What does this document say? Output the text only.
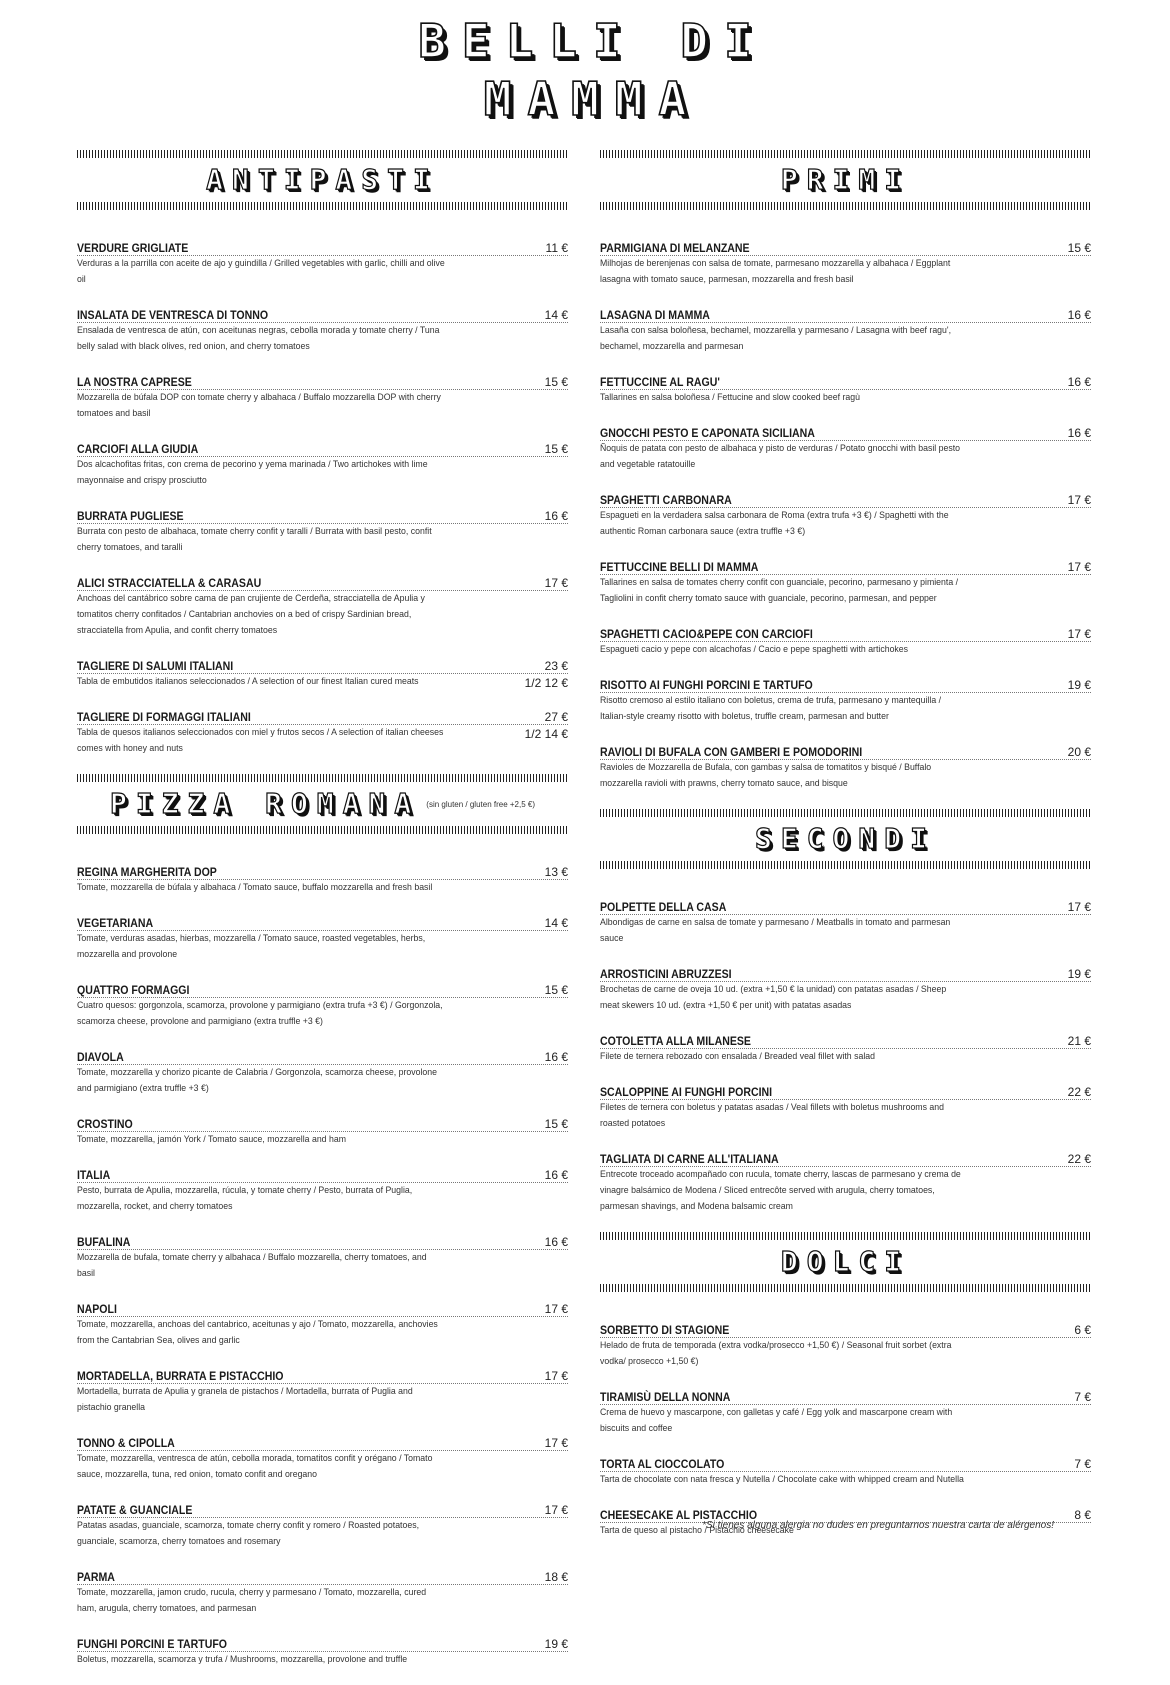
BELLI DI
MAMMA
ANTIPASTI
VERDURE GRIGLIATE	11 €
Verduras a la parrilla con aceite de ajo y guindilla / Grilled vegetables with garlic, chilli and olive oil
INSALATA DE VENTRESCA DI TONNO	14 €
Ensalada de ventresca de atún, con aceitunas negras, cebolla morada y tomate cherry / Tuna belly salad with black olives, red onion, and cherry tomatoes
LA NOSTRA CAPRESE	15 €
Mozzarella de búfala DOP con tomate cherry y albahaca / Buffalo mozzarella DOP with cherry tomatoes and basil
CARCIOFI ALLA GIUDIA	15 €
Dos alcachofitas fritas, con crema de pecorino y yema marinada / Two artichokes with lime mayonnaise and crispy prosciutto
BURRATA PUGLIESE	16 €
Burrata con pesto de albahaca, tomate cherry confit y taralli / Burrata with basil pesto, confit cherry tomatoes, and taralli
ALICI STRACCIATELLA & CARASAU	17 €
Anchoas del cantábrico sobre cama de pan crujiente de Cerdeña, stracciatella de Apulia y tomatitos cherry confitados / Cantabrian anchovies on a bed of crispy Sardinian bread, stracciatella from Apulia, and confit cherry tomatoes
TAGLIERE DI SALUMI ITALIANI	23 €
Tabla de embutidos italianos seleccionados / A selection of our finest Italian cured meats	1/2 12 €
TAGLIERE DI FORMAGGI ITALIANI	27 €
Tabla de quesos italianos seleccionados con miel y frutos secos / A selection of italian cheeses comes with honey and nuts
1/2 14 €
PIZZA ROMANA (sin gluten / gluten free +2,5 €)
REGINA MARGHERITA DOP	13 €
Tomate, mozzarella de búfala y albahaca / Tomato sauce, buffalo mozzarella and fresh basil
VEGETARIANA	14 €
Tomate, verduras asadas, hierbas, mozzarella / Tomato sauce, roasted vegetables, herbs, mozzarella and provolone
QUATTRO FORMAGGI	15 €
Cuatro quesos: gorgonzola, scamorza, provolone y parmigiano (extra trufa +3 €) / Gorgonzola, scamorza cheese, provolone and parmigiano (extra truffle +3 €)
DIAVOLA	16 €
Tomate, mozzarella y chorizo picante de Calabria / Gorgonzola, scamorza cheese, provolone and parmigiano (extra truffle +3 €)
CROSTINO	15 €
Tomate, mozzarella, jamón York / Tomato sauce, mozzarella and ham
ITALIA	16 €
Pesto, burrata de Apulia, mozzarella, rúcula, y tomate cherry / Pesto, burrata of Puglia, mozzarella, rocket, and cherry tomatoes
BUFALINA	16 €
Mozzarella de bufala, tomate cherry y albahaca / Buffalo mozzarella, cherry tomatoes, and basil
NAPOLI	17 €
Tomate, mozzarella, anchoas del cantabrico, aceitunas y ajo / Tomato, mozzarella, anchovies from the Cantabrian Sea, olives and garlic
MORTADELLA, BURRATA E PISTACCHIO	17 €
Mortadella, burrata de Apulia y granela de pistachos / Mortadella, burrata of Puglia and pistachio granella
TONNO & CIPOLLA	17 €
Tomate, mozzarella, ventresca de atún, cebolla morada, tomatitos confit y orégano / Tomato sauce, mozzarella, tuna, red onion, tomato confit and oregano
PATATE & GUANCIALE	17 €
Patatas asadas, guanciale, scamorza, tomate cherry confit y romero / Roasted potatoes, guanciale, scamorza, cherry tomatoes and rosemary
PARMA	18 €
Tomate, mozzarella, jamon crudo, rucula, cherry y parmesano / Tomato, mozzarella, cured ham, arugula, cherry tomatoes, and parmesan
FUNGHI PORCINI E TARTUFO	19 €
Boletus, mozzarella, scamorza y trufa / Mushrooms, mozzarella, provolone and truffle
PRIMI
PARMIGIANA DI MELANZANE	15 €
Milhojas de berenjenas con salsa de tomate, parmesano mozzarella y albahaca / Eggplant lasagna with tomato sauce, parmesan, mozzarella and fresh basil
LASAGNA DI MAMMA	16 €
Lasaña con salsa boloñesa, bechamel, mozzarella y parmesano / Lasagna with beef ragu', bechamel, mozzarella and parmesan
FETTUCCINE AL RAGU'	16 €
Tallarines en salsa boloñesa / Fettucine and slow cooked beef ragù
GNOCCHI PESTO E CAPONATA SICILIANA	16 €
Ñoquis de patata con pesto de albahaca y pisto de verduras / Potato gnocchi with basil pesto and vegetable ratatouille
SPAGHETTI CARBONARA	17 €
Espagueti en la verdadera salsa carbonara de Roma (extra trufa +3 €) / Spaghetti with the authentic Roman carbonara sauce (extra truffle +3 €)
FETTUCCINE BELLI DI MAMMA	17 €
Tallarines en salsa de tomates cherry confit con guanciale, pecorino, parmesano y pimienta / Tagliolini in confit cherry tomato sauce with guanciale, pecorino, parmesan, and pepper
SPAGHETTI CACIO&PEPE CON CARCIOFI	17 €
Espagueti cacio y pepe con alcachofas / Cacio e pepe spaghetti with artichokes
RISOTTO AI FUNGHI PORCINI E TARTUFO	19 €
Risotto cremoso al estilo italiano con boletus, crema de trufa, parmesano y mantequilla / Italian-style creamy risotto with boletus, truffle cream, parmesan and butter
RAVIOLI DI BUFALA CON GAMBERI E POMODORINI	20 €
Ravioles de Mozzarella de Bufala, con gambas y salsa de tomatitos y bisqué / Buffalo mozzarella ravioli with prawns, cherry tomato sauce, and bisque
SECONDI
POLPETTE DELLA CASA	17 €
Albondigas de carne en salsa de tomate y parmesano / Meatballs in tomato and parmesan sauce
ARROSTICINI ABRUZZESI	19 €
Brochetas de carne de oveja 10 ud. (extra +1,50 € la unidad) con patatas asadas / Sheep meat skewers 10 ud. (extra +1,50 € per unit) with patatas asadas
COTOLETTA ALLA MILANESE	21 €
Filete de ternera rebozado con ensalada / Breaded veal fillet with salad
SCALOPPINE AI FUNGHI PORCINI	22 €
Filetes de ternera con boletus y patatas asadas / Veal fillets with boletus mushrooms and roasted potatoes
TAGLIATA DI CARNE ALL'ITALIANA	22 €
Entrecote troceado acompañado con rucula, tomate cherry, lascas de parmesano y crema de vinagre balsámico de Modena / Sliced entrecôte served with arugula, cherry tomatoes, parmesan shavings, and Modena balsamic cream
DOLCI
SORBETTO DI STAGIONE	6 €
Helado de fruta de temporada (extra vodka/prosecco +1,50 €) / Seasonal fruit sorbet (extra vodka/ prosecco +1,50 €)
TIRAMISÙ DELLA NONNA	7 €
Crema de huevo y mascarpone, con galletas y café / Egg yolk and mascarpone cream with biscuits and coffee
TORTA AL CIOCCOLATO	7 €
Tarta de chocolate con nata fresca y Nutella / Chocolate cake with whipped cream and Nutella
CHEESECAKE AL PISTACCHIO	8 €
Tarta de queso al pistacho / Pistachio cheesecake
*Si tienes alguna alergia no dudes en preguntarnos nuestra carta de alérgenos!
